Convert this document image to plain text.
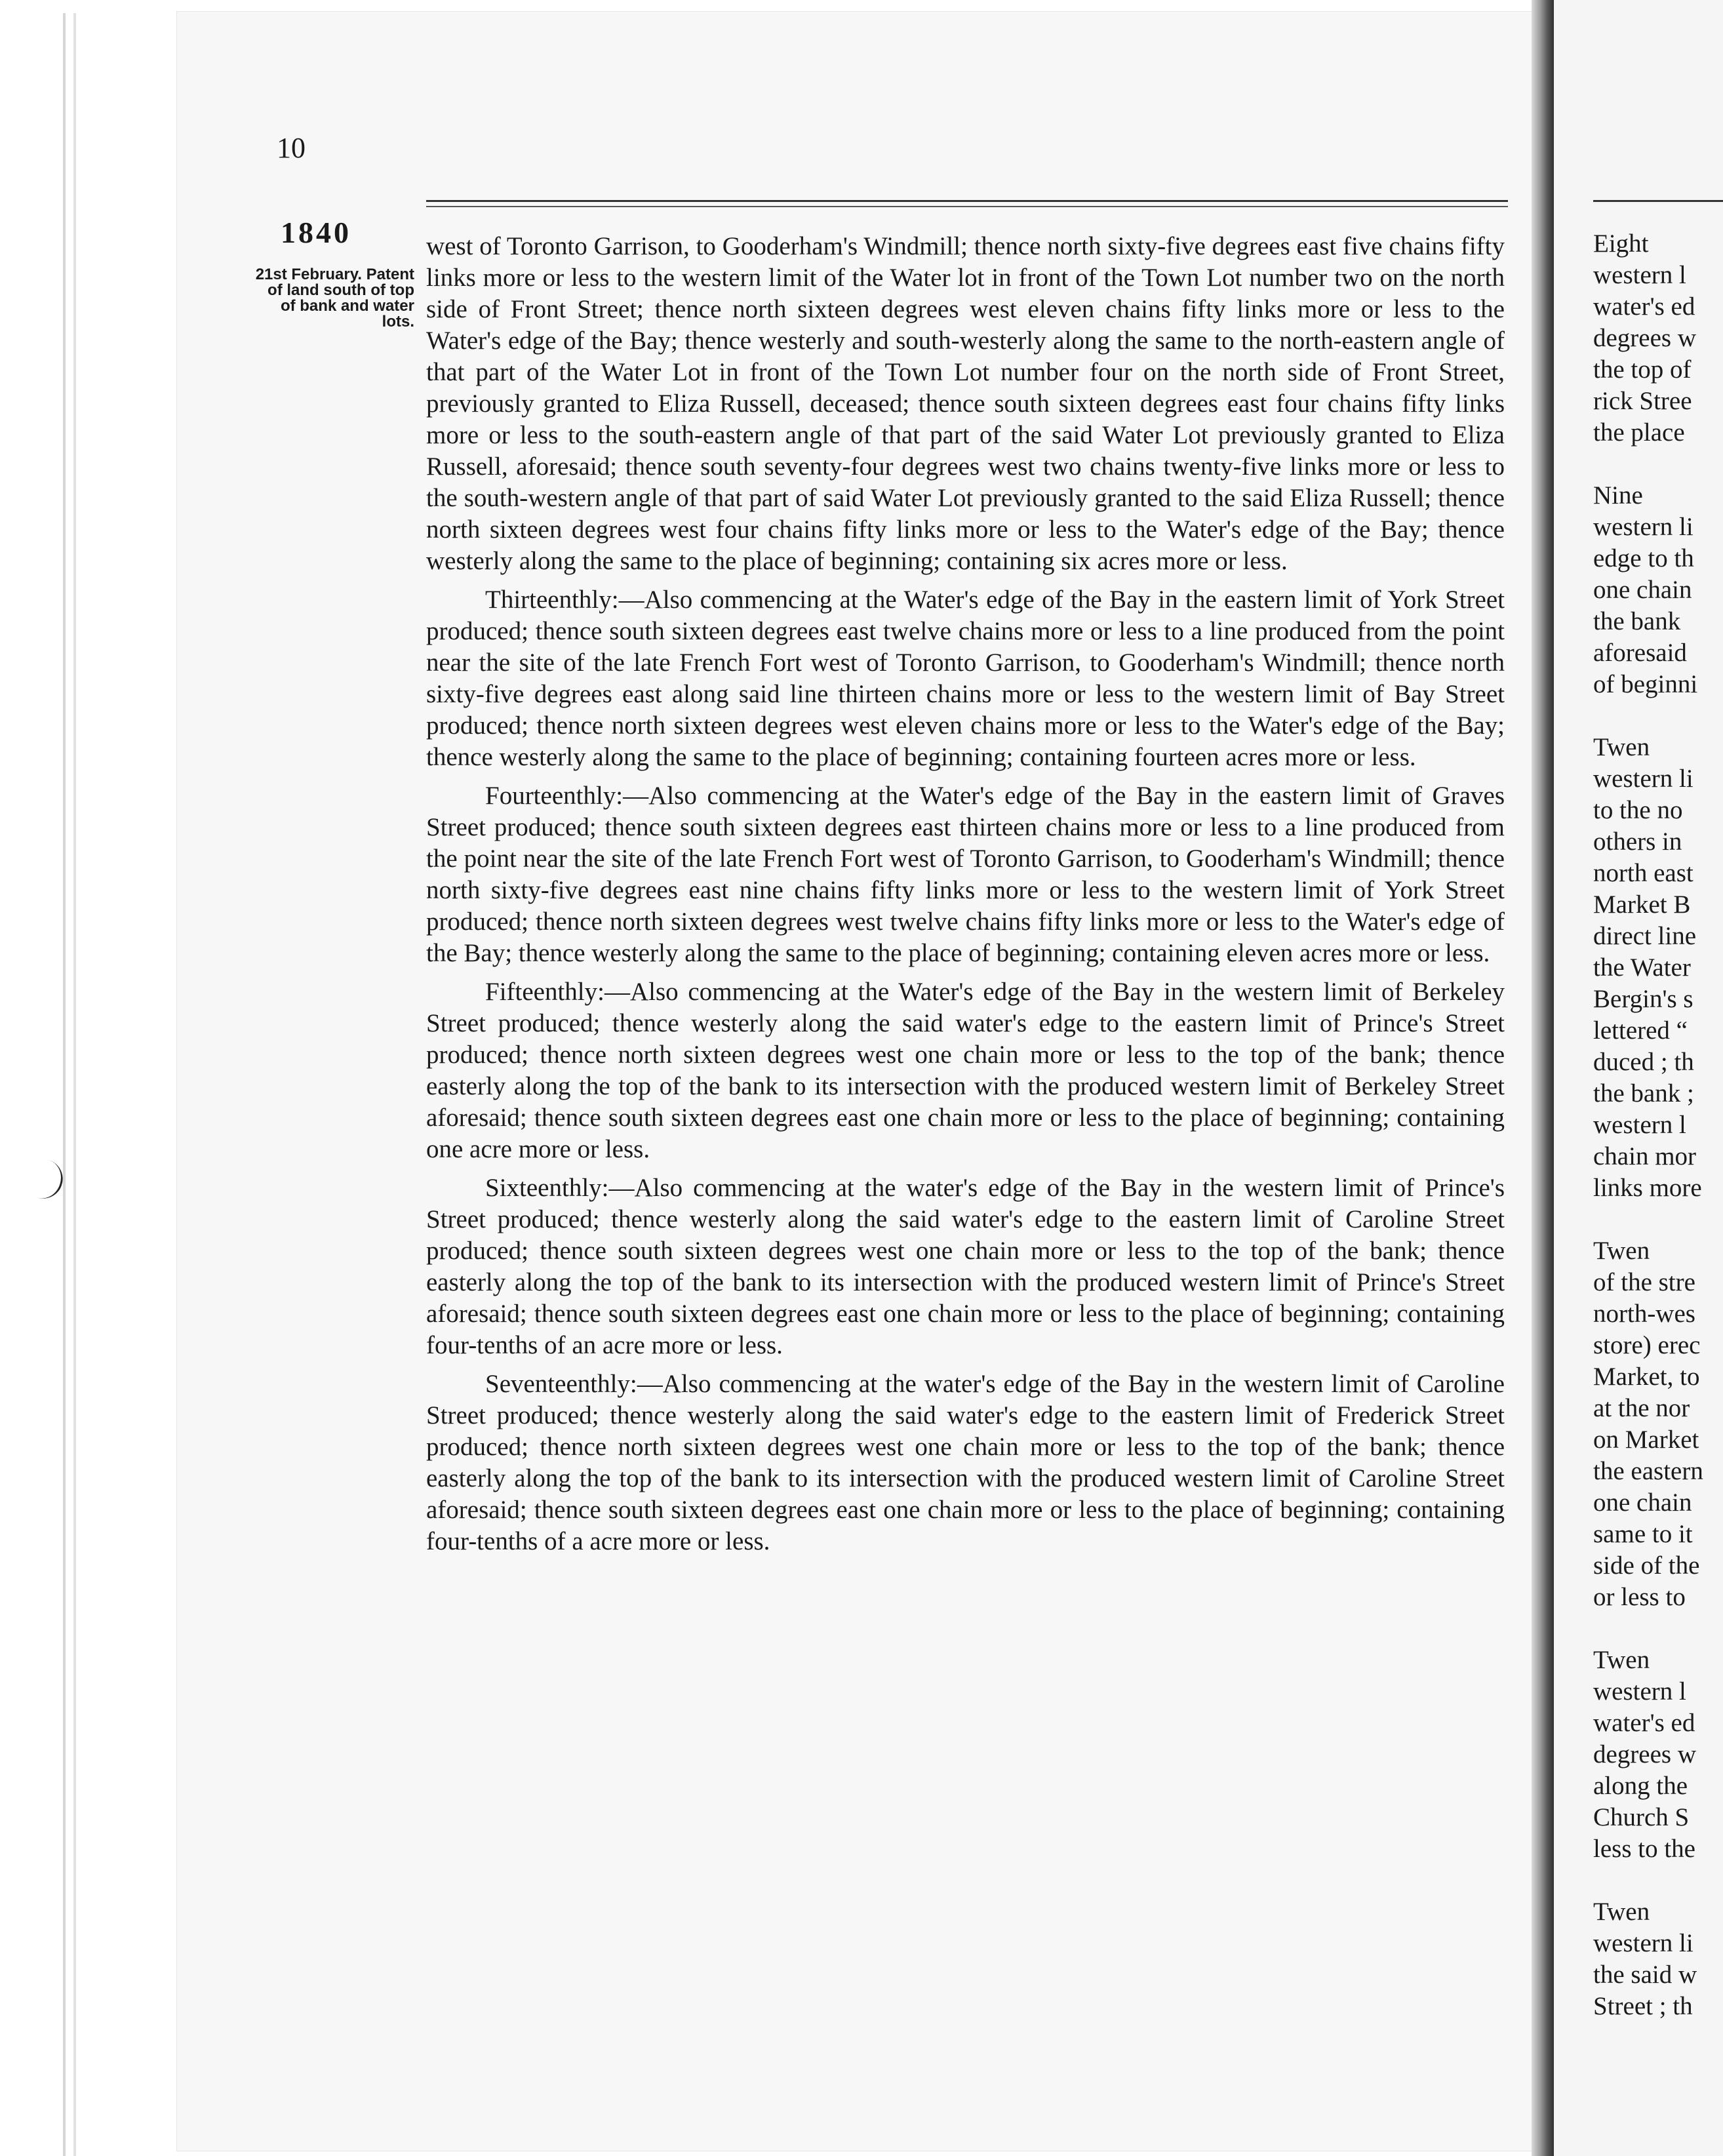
10
1840

21st February. Patent of land south of top of bank and water lots.

west of Toronto Garrison, to Gooderham's Windmill; thence north sixty-five degrees east five chains fifty links more or less to the western limit of the Water lot in front of the Town Lot number two on the north side of Front Street; thence north sixteen degrees west eleven chains fifty links more or less to the Water's edge of the Bay; thence westerly and south-westerly along the same to the north-eastern angle of that part of the Water Lot in front of the Town Lot number four on the north side of Front Street, previously granted to Eliza Russell, deceased; thence south sixteen degrees east four chains fifty links more or less to the south-eastern angle of that part of the said Water Lot previously granted to Eliza Russell, aforesaid; thence south seventy-four degrees west two chains twenty-five links more or less to the south-western angle of that part of said Water Lot previously granted to the said Eliza Russell; thence north sixteen degrees west four chains fifty links more or less to the Water's edge of the Bay; thence westerly along the same to the place of beginning; containing six acres more or less.

Thirteenthly:—Also commencing at the Water's edge of the Bay in the eastern limit of York Street produced; thence south sixteen degrees east twelve chains more or less to a line produced from the point near the site of the late French Fort west of Toronto Garrison, to Gooderham's Windmill; thence north sixty-five degrees east along said line thirteen chains more or less to the western limit of Bay Street produced; thence north sixteen degrees west eleven chains more or less to the Water's edge of the Bay; thence westerly along the same to the place of beginning; containing fourteen acres more or less.

Fourteenthly:—Also commencing at the Water's edge of the Bay in the eastern limit of Graves Street produced; thence south sixteen degrees east thirteen chains more or less to a line produced from the point near the site of the late French Fort west of Toronto Garrison, to Gooderham's Windmill; thence north sixty-five degrees east nine chains fifty links more or less to the western limit of York Street produced; thence north sixteen degrees west twelve chains fifty links more or less to the Water's edge of the Bay; thence westerly along the same to the place of beginning; containing eleven acres more or less.

Fifteenthly:—Also commencing at the Water's edge of the Bay in the western limit of Berkeley Street produced; thence westerly along the said water's edge to the eastern limit of Prince's Street produced; thence north sixteen degrees west one chain more or less to the top of the bank; thence easterly along the top of the bank to its intersection with the produced western limit of Berkeley Street aforesaid; thence south sixteen degrees east one chain more or less to the place of beginning; containing one acre more or less.

Sixteenthly:—Also commencing at the water's edge of the Bay in the western limit of Prince's Street produced; thence westerly along the said water's edge to the eastern limit of Caroline Street produced; thence south sixteen degrees west one chain more or less to the top of the bank; thence easterly along the top of the bank to its intersection with the produced western limit of Prince's Street aforesaid; thence south sixteen degrees east one chain more or less to the place of beginning; containing four-tenths of an acre more or less.

Seventeenthly:—Also commencing at the water's edge of the Bay in the western limit of Caroline Street produced; thence westerly along the said water's edge to the eastern limit of Frederick Street produced; thence north sixteen degrees west one chain more or less to the top of the bank; thence easterly along the top of the bank to its intersection with the produced western limit of Caroline Street aforesaid; thence south sixteen degrees east one chain more or less to the place of beginning; containing four-tenths of a acre more or less.

Eight
western l
water's ed
degrees w
the top of
rick Stree
the place

Nine
western li
edge to th
one chain
the bank
aforesaid
of beginni

Twen
western li
to the no
others in
north east
Market B
direct line
the Water
Bergin's s
lettered “
duced ; th
the bank ;
western l
chain mor
links more

Twen
of the stre
north-wes
store) erec
Market, to
at the nor
on Market
the eastern
one chain
same to it
side of the
or less to

Twen
western l
water's ed
degrees w
along the
Church S
less to the

Twen
western li
the said w
Street ; th
